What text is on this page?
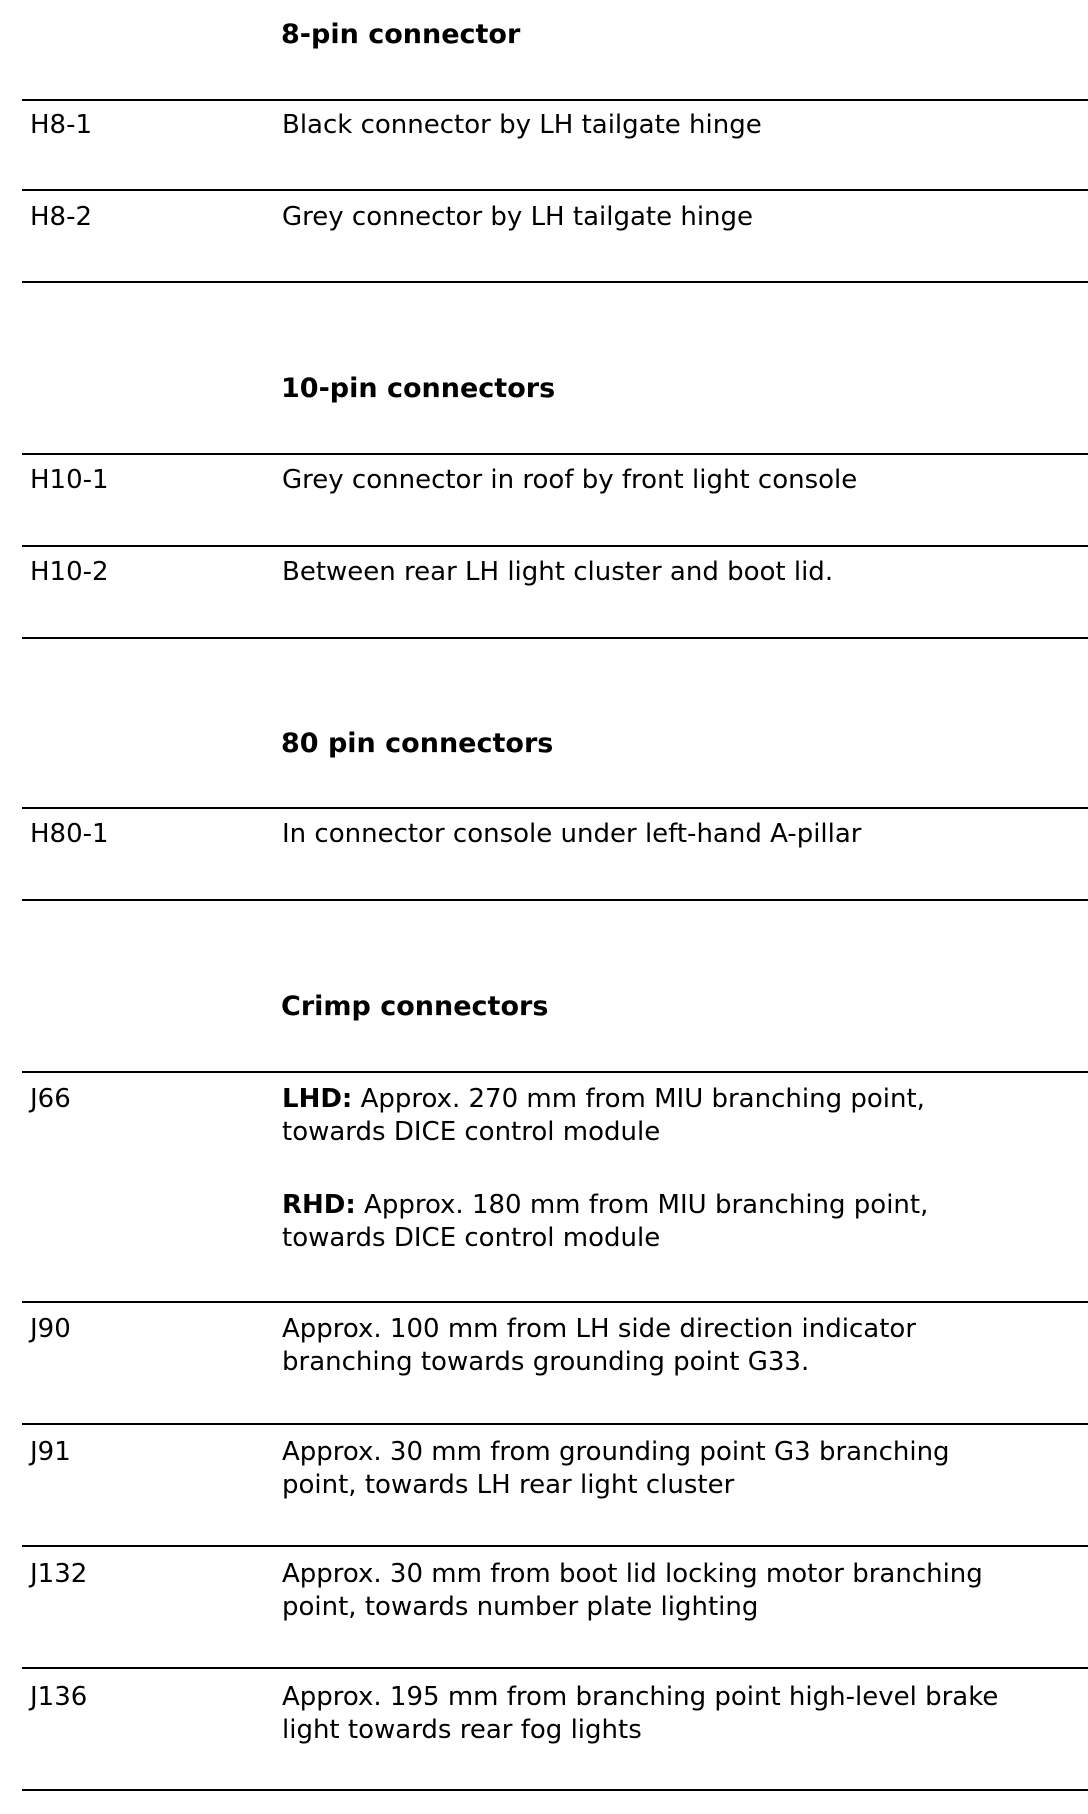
8-pin connector
H8-1	Black connector by LH tailgate hinge
H8-2	Grey connector by LH tailgate hinge
10-pin connectors
H10-1	Grey connector in roof by front light console
H10-2	Between rear LH light cluster and boot lid.
80 pin connectors
H80-1	In connector console under left-hand A-pillar
Crimp connectors
J66	LHD: Approx. 270 mm from MIU branching point,
towards DICE control module
RHD: Approx. 180 mm from MIU branching point,
towards DICE control module
J90	Approx. 100 mm from LH side direction indicator
branching towards grounding point G33.
J91	Approx. 30 mm from grounding point G3 branching
point, towards LH rear light cluster
J132	Approx. 30 mm from boot lid locking motor branching
point, towards number plate lighting
J136	Approx. 195 mm from branching point high-level brake
light towards rear fog lights
